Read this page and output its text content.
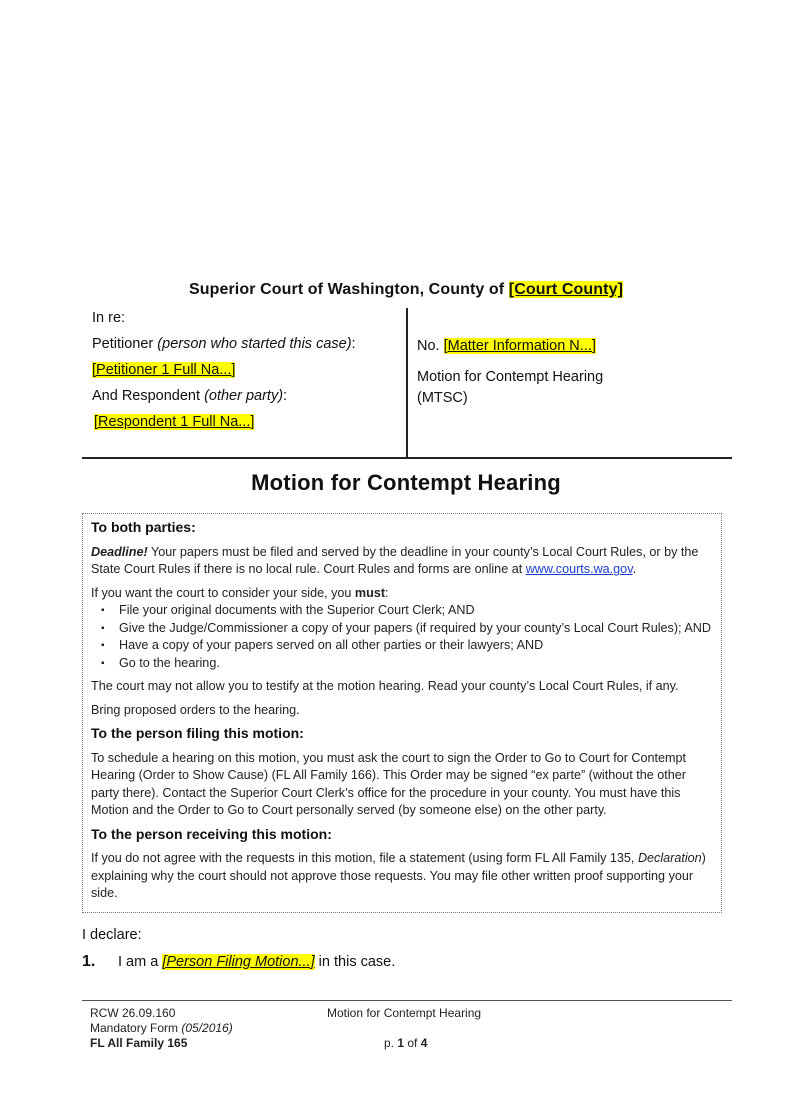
Superior Court of Washington, County of [Court County]
In re:
Petitioner (person who started this case):
[Petitioner 1 Full Na...]
And Respondent (other party):
[Respondent 1 Full Na...]
No. [Matter Information N...]
Motion for Contempt Hearing
(MTSC)
Motion for Contempt Hearing
To both parties:

Deadline! Your papers must be filed and served by the deadline in your county’s Local Court Rules, or by the State Court Rules if there is no local rule. Court Rules and forms are online at www.courts.wa.gov.

If you want the court to consider your side, you must:

▪ File your original documents with the Superior Court Clerk; AND
▪ Give the Judge/Commissioner a copy of your papers (if required by your county’s Local Court Rules); AND
▪ Have a copy of your papers served on all other parties or their lawyers; AND
▪ Go to the hearing.

The court may not allow you to testify at the motion hearing. Read your county’s Local Court Rules, if any.

Bring proposed orders to the hearing.

To the person filing this motion:

To schedule a hearing on this motion, you must ask the court to sign the Order to Go to Court for Contempt Hearing (Order to Show Cause) (FL All Family 166). This Order may be signed “ex parte” (without the other party there). Contact the Superior Court Clerk’s office for the procedure in your county. You must have this Motion and the Order to Go to Court personally served (by someone else) on the other party.

To the person receiving this motion:

If you do not agree with the requests in this motion, file a statement (using form FL All Family 135, Declaration) explaining why the court should not approve those requests. You may file other written proof supporting your side.

I declare:
1. I am a [Person Filing Motion...] in this case.
RCW 26.09.160
Mandatory Form (05/2016)
FL All Family 165
Motion for Contempt Hearing
p. 1 of 4
